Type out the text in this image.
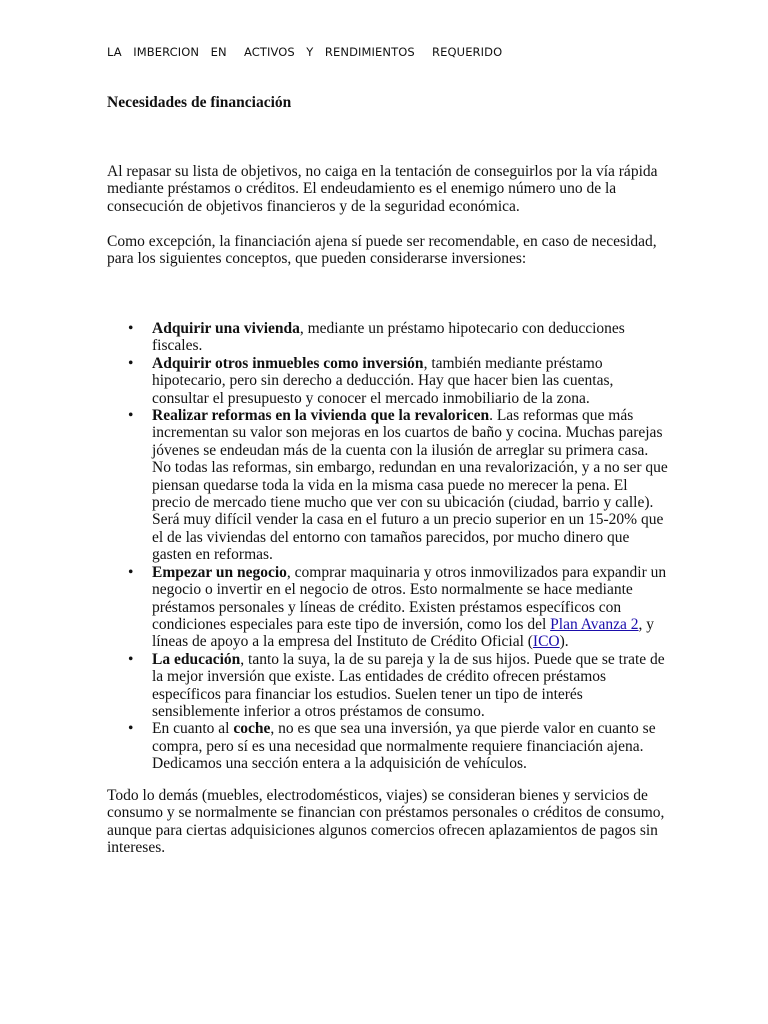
LA  IMBERCION  EN   ACTIVOS  Y  RENDIMIENTOS   REQUERIDO
Necesidades de financiación

Al repasar su lista de objetivos, no caiga en la tentación de conseguirlos por la vía rápida mediante préstamos o créditos. El endeudamiento es el enemigo número uno de la consecución de objetivos financieros y de la seguridad económica.

Como excepción, la financiación ajena sí puede ser recomendable, en caso de necesidad, para los siguientes conceptos, que pueden considerarse inversiones:

• Adquirir una vivienda, mediante un préstamo hipotecario con deducciones fiscales.
• Adquirir otros inmuebles como inversión, también mediante préstamo hipotecario, pero sin derecho a deducción. Hay que hacer bien las cuentas, consultar el presupuesto y conocer el mercado inmobiliario de la zona.
• Realizar reformas en la vivienda que la revaloricen. Las reformas que más incrementan su valor son mejoras en los cuartos de baño y cocina. Muchas parejas jóvenes se endeudan más de la cuenta con la ilusión de arreglar su primera casa. No todas las reformas, sin embargo, redundan en una revalorización, y a no ser que piensan quedarse toda la vida en la misma casa puede no merecer la pena. El precio de mercado tiene mucho que ver con su ubicación (ciudad, barrio y calle). Será muy difícil vender la casa en el futuro a un precio superior en un 15-20% que el de las viviendas del entorno con tamaños parecidos, por mucho dinero que gasten en reformas.
• Empezar un negocio, comprar maquinaria y otros inmovilizados para expandir un negocio o invertir en el negocio de otros. Esto normalmente se hace mediante préstamos personales y líneas de crédito. Existen préstamos específicos con condiciones especiales para este tipo de inversión, como los del Plan Avanza 2, y líneas de apoyo a la empresa del Instituto de Crédito Oficial (ICO).
• La educación, tanto la suya, la de su pareja y la de sus hijos. Puede que se trate de la mejor inversión que existe. Las entidades de crédito ofrecen préstamos específicos para financiar los estudios. Suelen tener un tipo de interés sensiblemente inferior a otros préstamos de consumo.
• En cuanto al coche, no es que sea una inversión, ya que pierde valor en cuanto se compra, pero sí es una necesidad que normalmente requiere financiación ajena. Dedicamos una sección entera a la adquisición de vehículos.

Todo lo demás (muebles, electrodomésticos, viajes) se consideran bienes y servicios de consumo y se normalmente se financian con préstamos personales o créditos de consumo, aunque para ciertas adquisiciones algunos comercios ofrecen aplazamientos de pagos sin intereses.
